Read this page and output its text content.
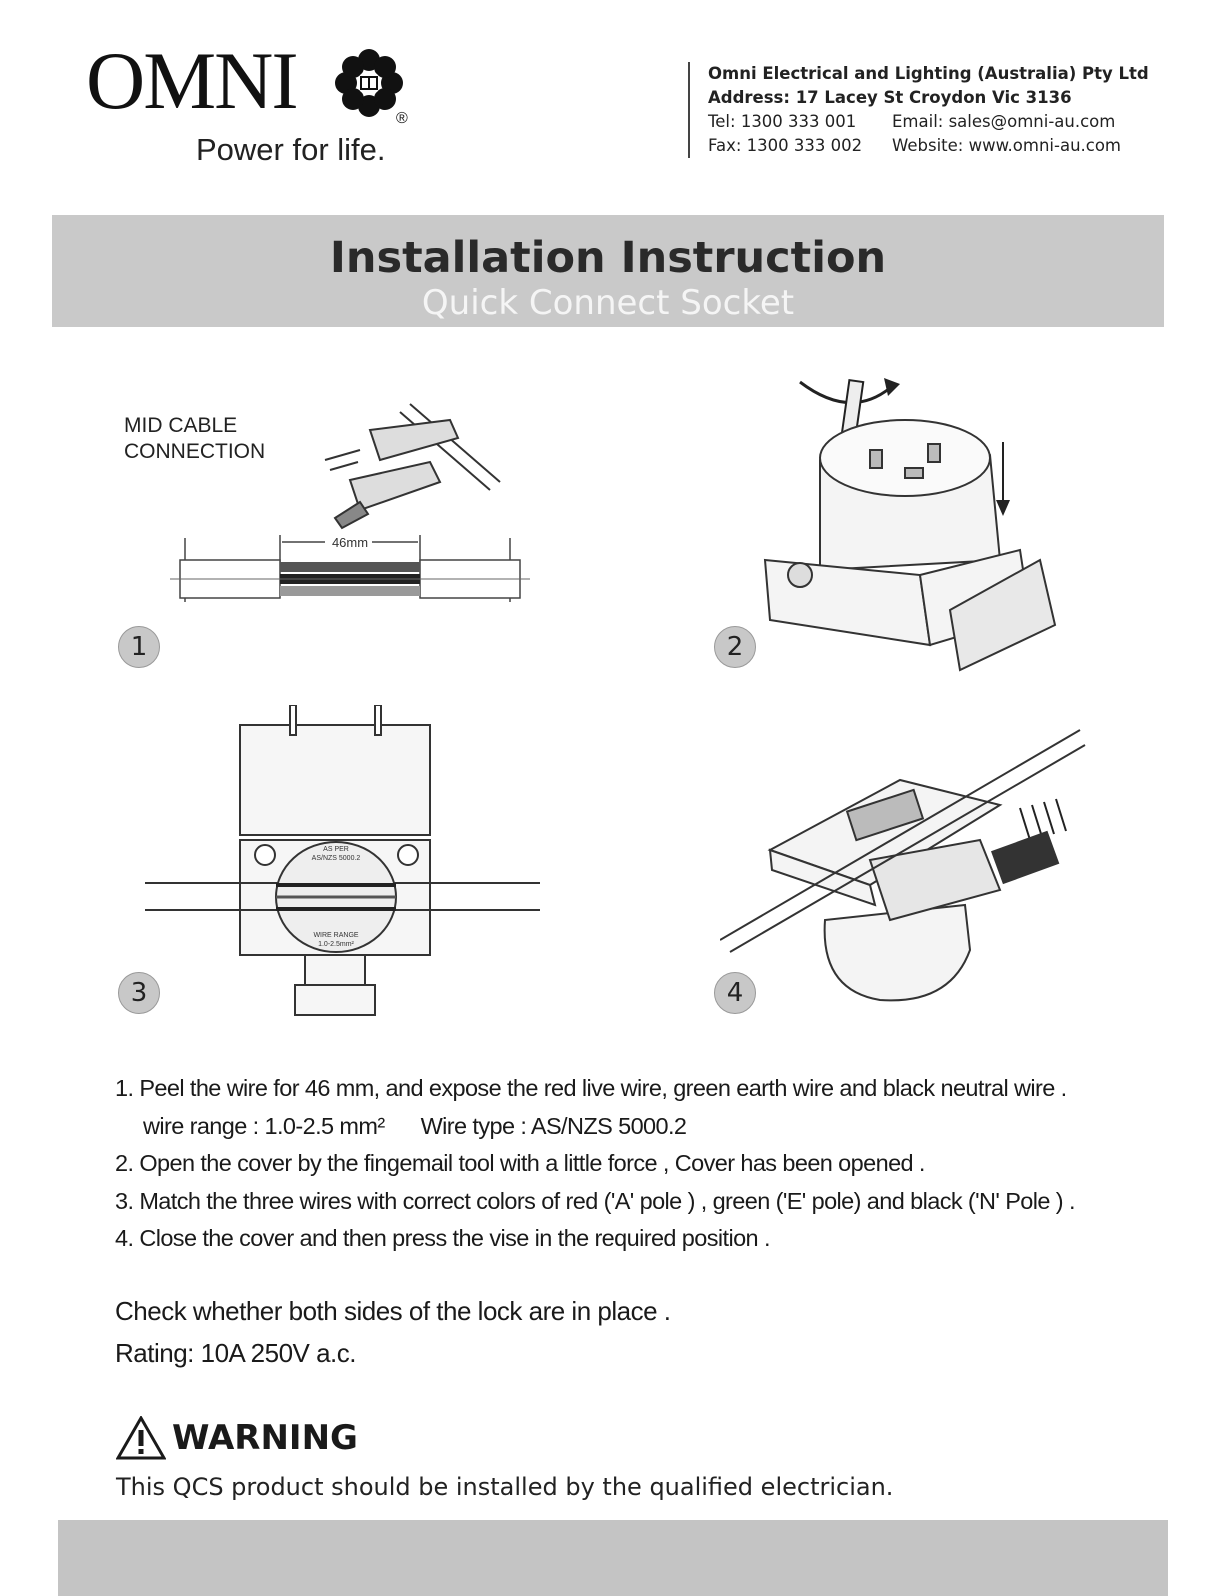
OMNI	®
Power for life.
Omni Electrical and Lighting (Australia) Pty Ltd
Address: 17 Lacey St Croydon Vic 3136
Tel: 1300 333 001	Email: sales@omni-au.com
Fax: 1300 333 002	Website: www.omni-au.com
Installation Instruction
Quick Connect Socket
MID CABLE
CONNECTION
46mm
1	2
AS PER
AS/NZS 5000.2
WIRE RANGE
1.0-2.5mm²
3	4
1. Peel the wire for 46 mm, and expose the red live wire, green earth wire and black neutral wire .
wire range : 1.0-2.5 mm² Wire type : AS/NZS 5000.2
2. Open the cover by the fingemail tool with a little force , Cover has been opened .
3. Match the three wires with correct colors of red ('A' pole ) , green ('E' pole) and black ('N' Pole ) .
4. Close the cover and then press the vise in the required position .
Check whether both sides of the lock are in place .
Rating: 10A 250V a.c.
WARNING
This QCS product should be installed by the qualified electrician.
